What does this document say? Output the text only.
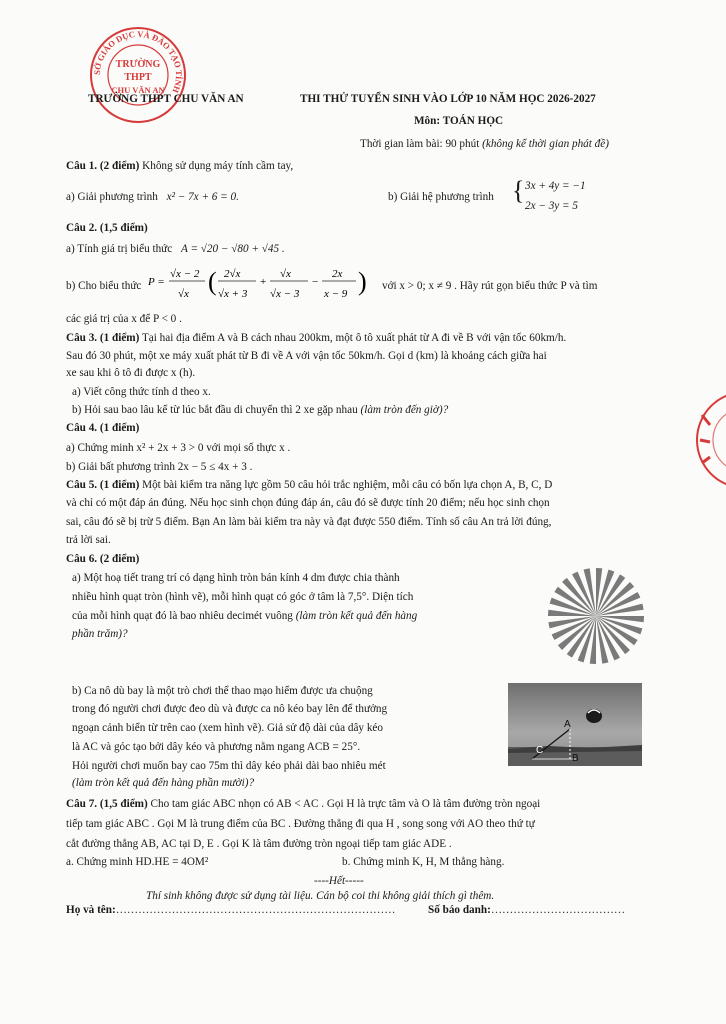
SỞ GIÁO DỤC VÀ ĐÀO TẠO TỈNH
TRƯỜNG
THPT
CHU VĂN AN
TRƯỜNG THPT CHU VĂN AN	THI THỬ TUYỂN SINH VÀO LỚP 10 NĂM HỌC 2026-2027
Môn: TOÁN HỌC
Thời gian làm bài: 90 phút (không kể thời gian phát đề)
Câu 1. (2 điểm) Không sử dụng máy tính cầm tay,
a) Giải phương trình x² − 7x + 6 = 0.	b) Giải hệ phương trình { 3x + 4y = −1
2x − 3y = 5
Câu 2. (1,5 điểm)
a) Tính giá trị biểu thức A = √20 − √80 + √45 .
b) Cho biểu thức P =
√x − 2
√x ( 2√x
√x + 3
+
√x
√x − 3
−
2x
x − 9 ) với x > 0; x ≠ 9 . Hãy rút gọn biểu thức P và tìm
các giá trị của x để P < 0 .
Câu 3. (1 điểm) Tại hai địa điểm A và B cách nhau 200km, một ô tô xuất phát từ A đi về B với vận tốc 60km/h.
Sau đó 30 phút, một xe máy xuất phát từ B đi về A với vận tốc 50km/h. Gọi d (km) là khoảng cách giữa hai
xe sau khi ô tô đi được x (h).
a) Viết công thức tính d theo x.
b) Hỏi sau bao lâu kể từ lúc bắt đầu di chuyển thì 2 xe gặp nhau (làm tròn đến giờ)?
Câu 4. (1 điểm)
a) Chứng minh x² + 2x + 3 > 0 với mọi số thực x .
b) Giải bất phương trình 2x − 5 ≤ 4x + 3 .
Câu 5. (1 điểm) Một bài kiểm tra năng lực gồm 50 câu hỏi trắc nghiệm, mỗi câu có bốn lựa chọn A, B, C, D
và chỉ có một đáp án đúng. Nếu học sinh chọn đúng đáp án, câu đó sẽ được tính 20 điểm; nếu học sinh chọn
sai, câu đó sẽ bị trừ 5 điểm. Bạn An làm bài kiểm tra này và đạt được 550 điểm. Tính số câu An trả lời đúng,
trả lời sai.
Câu 6. (2 điểm)
a) Một hoạ tiết trang trí có dạng hình tròn bán kính 4 dm được chia thành
nhiều hình quạt tròn (hình vẽ), mỗi hình quạt có góc ở tâm là 7,5°. Diện tích
của mỗi hình quạt đó là bao nhiêu decimét vuông (làm tròn kết quả đến hàng
phần trăm)?
b) Ca nô dù bay là một trò chơi thể thao mạo hiểm được ưa chuộng
trong đó người chơi được đeo dù và được ca nô kéo bay lên để thưởng
ngoạn cảnh biển từ trên cao (xem hình vẽ). Giả sử độ dài của dây kéo
là AC và góc tạo bởi dây kéo và phương nằm ngang ACB = 25°.
Hỏi người chơi muốn bay cao 75m thì dây kéo phải dài bao nhiêu mét
(làm tròn kết quả đến hàng phần mười)?
A
B
C
Câu 7. (1,5 điểm) Cho tam giác ABC nhọn có AB < AC . Gọi H là trực tâm và O là tâm đường tròn ngoại
tiếp tam giác ABC . Gọi M là trung điểm của BC . Đường thẳng đi qua H , song song với AO theo thứ tự
cắt đường thẳng AB, AC tại D, E . Gọi K là tâm đường tròn ngoại tiếp tam giác ADE .
a. Chứng minh HD.HE = 4OM²	b. Chứng minh K, H, M thẳng hàng.
----Hết-----
Thí sinh không được sử dụng tài liệu. Cán bộ coi thi không giải thích gì thêm.
Họ và tên:…………………………………………………………………	Số báo danh:………………………………
